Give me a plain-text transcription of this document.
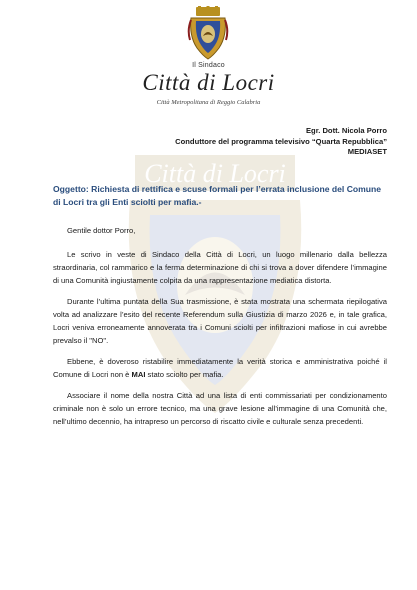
Il Sindaco
Città di Locri
Città Metropolitana di Reggio Calabria
Città di Locri
Egr. Dott. Nicola Porro
Conduttore del programma televisivo “Quarta Repubblica”
MEDIASET
Oggetto: Richiesta di rettifica e scuse formali per l’errata inclusione del Comune di Locri tra gli Enti sciolti per mafia.-

Gentile dottor Porro,

Le scrivo in veste di Sindaco della Città di Locri, un luogo millenario dalla bellezza straordinaria, col rammarico e la ferma determinazione di chi si trova a dover difendere l’immagine di una Comunità ingiustamente colpita da una rappresentazione mediatica distorta.

Durante l’ultima puntata della Sua trasmissione, è stata mostrata una schermata riepilogativa volta ad analizzare l’esito del recente Referendum sulla Giustizia di marzo 2026 e, in tale grafica, Locri veniva erroneamente annoverata tra i Comuni sciolti per infiltrazioni mafiose in cui avrebbe prevalso il "NO".

Ebbene, è doveroso ristabilire immediatamente la verità storica e amministrativa poiché il Comune di Locri non è MAI stato sciolto per mafia.

Associare il nome della nostra Città ad una lista di enti commissariati per condizionamento criminale non è solo un errore tecnico, ma una grave lesione all’immagine di una Comunità che, nell’ultimo decennio, ha intrapreso un percorso di riscatto civile e culturale senza precedenti.
